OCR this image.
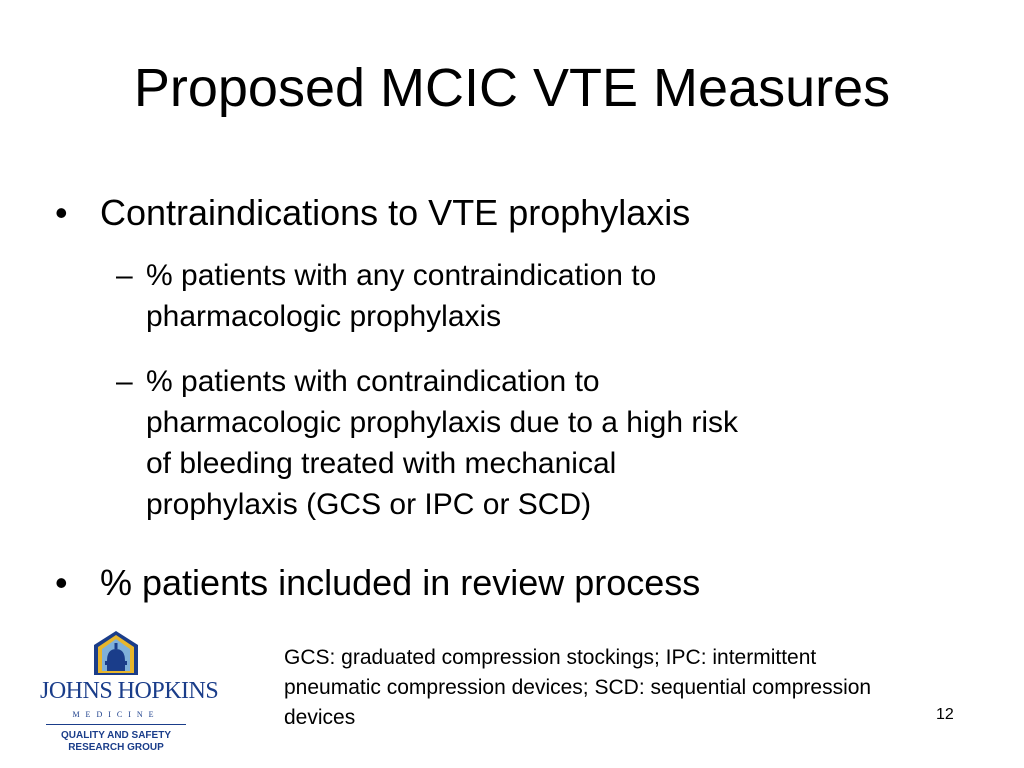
Proposed MCIC VTE Measures
• Contraindications to VTE prophylaxis
– % patients with any contraindication to
pharmacologic prophylaxis
– % patients with contraindication to
pharmacologic prophylaxis due to a high risk
of bleeding treated with mechanical
prophylaxis (GCS or IPC or SCD)
• % patients included in review process
GCS: graduated compression stockings; IPC: intermittent
pneumatic compression devices; SCD: sequential compression
devices	12
JOHNS HOPKINS
MEDICINE
QUALITY AND SAFETY
RESEARCH GROUP
